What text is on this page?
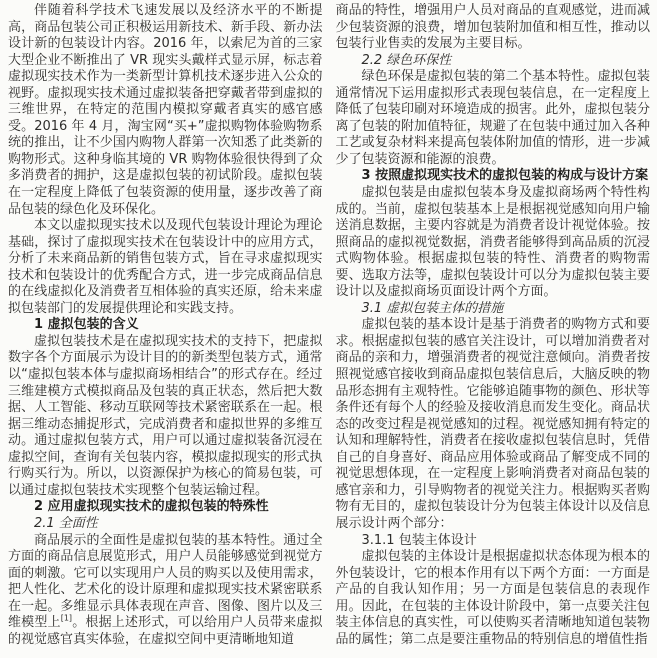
伴随着科学技术飞速发展以及经济水平的不断提高，商品包装公司正积极运用新技术、新手段、新办法设计新的包装设计内容。2016 年，以索尼为首的三家大型企业不断推出了 VR 现实头戴样式显示屏，标志着虚拟现实技术作为一类新型计算机技术逐步进入公众的视野。虚拟现实技术通过虚拟装备把穿戴者带到虚拟的三维世界，在特定的范围内模拟穿戴者真实的感官感受。2016 年 4 月，淘宝网“买+”虚拟购物体验购物系统的推出，让不少国内购物人群第一次知悉了此类新的购物形式。这种身临其境的 VR 购物体验很快得到了众多消费者的拥护，这是虚拟包装的初试阶段。虚拟包装在一定程度上降低了包装资源的使用量，逐步改善了商品包装的绿色化及环保化。

本文以虚拟现实技术以及现代包装设计理论为理论基础，探讨了虚拟现实技术在包装设计中的应用方式，分析了未来商品新的销售包装方式，旨在寻求虚拟现实技术和包装设计的优秀配合方式，进一步完成商品信息的在线虚拟化及消费者互相体验的真实还原，给未来虚拟包装部门的发展提供理论和实践支持。

1 虚拟包装的含义

虚拟包装技术是在虚拟现实技术的支持下，把虚拟数字各个方面展示为设计目的的新类型包装方式，通常以“虚拟包装本体与虚拟商场相结合”的形式存在。经过三维建模方式模拟商品及包装的真正状态，然后把大数据、人工智能、移动互联网等技术紧密联系在一起。根据三维动态捕捉形式，完成消费者和虚拟世界的多维互动。通过虚拟包装方式，用户可以通过虚拟装备沉浸在虚拟空间，查询有关包装内容，模拟虚拟现实的形式执行购买行为。所以，以资源保护为核心的简易包装，可以通过虚拟包装技术实现整个包装运输过程。

2 应用虚拟现实技术的虚拟包装的特殊性
2.1 全面性

商品展示的全面性是虚拟包装的基本特性。通过全方面的商品信息展览形式，用户人员能够感觉到视觉方面的刺激。它可以实现用户人员的购买以及使用需求，把人性化、艺术化的设计原理和虚拟现实技术紧密联系在一起。多维显示具体表现在声音、图像、图片以及三维模型上[1]。根据上述形式，可以给用户人员带来虚拟的视觉感官真实体验，在虚拟空间中更清晰地知道

商品的特性，增强用户人员对商品的直观感觉，进而减少包装资源的浪费，增加包装附加值和相互性，推动以包装行业售卖的发展为主要目标。

2.2 绿色环保性

绿色环保是虚拟包装的第二个基本特性。虚拟包装通常情况下运用虚拟形式表现包装信息，在一定程度上降低了包装印刷对环境造成的损害。此外，虚拟包装分离了包装的附加值特征，规避了在包装中通过加入各种工艺或复杂材料来提高包装体附加值的情形，进一步减少了包装资源和能源的浪费。

3 按照虚拟现实技术的虚拟包装的构成与设计方案

虚拟包装是由虚拟包装本身及虚拟商场两个特性构成的。当前，虚拟包装基本上是根据视觉感知向用户输送消息数据，主要内容就是为消费者设计视觉体验。按照商品的虚拟视觉数据，消费者能够得到高品质的沉浸式购物体验。根据虚拟包装的特性、消费者的购物需要、选取方法等，虚拟包装设计可以分为虚拟包装主要设计以及虚拟商场页面设计两个方面。

3.1 虚拟包装主体的措施

虚拟包装的基本设计是基于消费者的购物方式和要求。根据虚拟包装的感官关注设计，可以增加消费者对商品的亲和力，增强消费者的视觉注意倾向。消费者按照视觉感官接收到商品虚拟包装信息后，大脑反映的物品形态拥有主观特性。它能够追随事物的颜色、形状等条件还有每个人的经验及接收消息而发生变化。商品状态的改变过程是视觉感知的过程。视觉感知拥有特定的认知和理解特性，消费者在接收虚拟包装信息时，凭借自己的自身喜好、商品应用体验或商品了解变成不同的视觉思想体现，在一定程度上影响消费者对商品包装的感官亲和力，引导购物者的视觉关注力。根据购买者购物有无目的，虚拟包装设计分为包装主体设计以及信息展示设计两个部分：

3.1.1 包装主体设计

虚拟包装的主体设计是根据虚拟状态体现为根本的外包装设计，它的根本作用有以下两个方面：一方面是产品的自我认知作用；另一方面是包装信息的表现作用。因此，在包装的主体设计阶段中，第一点要关注包装主体信息的真实性，可以使购买者清晰地知道包装物品的属性；第二点是要注重物品的特别信息的增值性指
